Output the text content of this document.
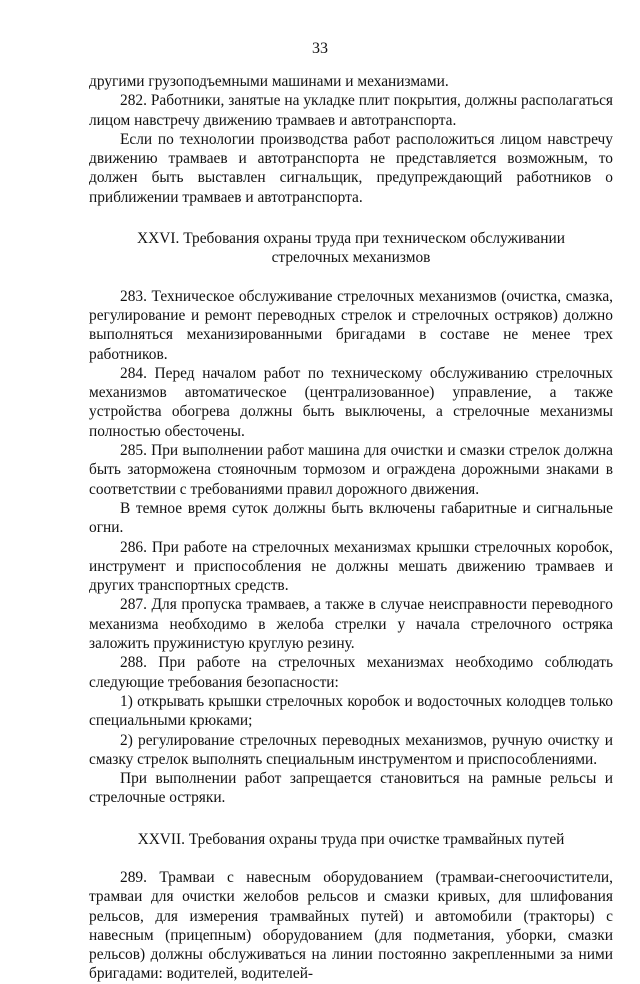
33

другими грузоподъемными машинами и механизмами.

282. Работники, занятые на укладке плит покрытия, должны располагаться лицом навстречу движению трамваев и автотранспорта.

Если по технологии производства работ расположиться лицом навстречу движению трамваев и автотранспорта не представляется возможным, то должен быть выставлен сигнальщик, предупреждающий работников о приближении трамваев и автотранспорта.

XXVI. Требования охраны труда при техническом обслуживании

стрелочных механизмов

283. Техническое обслуживание стрелочных механизмов (очистка, смазка, регулирование и ремонт переводных стрелок и стрелочных остряков) должно выполняться механизированными бригадами в составе не менее трех работников.

284. Перед началом работ по техническому обслуживанию стрелочных механизмов автоматическое (централизованное) управление, а также устройства обогрева должны быть выключены, а стрелочные механизмы полностью обесточены.

285. При выполнении работ машина для очистки и смазки стрелок должна быть заторможена стояночным тормозом и ограждена дорожными знаками в соответствии с требованиями правил дорожного движения.

В темное время суток должны быть включены габаритные и сигнальные огни.

286. При работе на стрелочных механизмах крышки стрелочных коробок, инструмент и приспособления не должны мешать движению трамваев и других транспортных средств.

287. Для пропуска трамваев, а также в случае неисправности переводного механизма необходимо в желоба стрелки у начала стрелочного остряка заложить пружинистую круглую резину.

288. При работе на стрелочных механизмах необходимо соблюдать следующие требования безопасности:

1) открывать крышки стрелочных коробок и водосточных колодцев только специальными крюками;

2) регулирование стрелочных переводных механизмов, ручную очистку и смазку стрелок выполнять специальным инструментом и приспособлениями.

При выполнении работ запрещается становиться на рамные рельсы и стрелочные остряки.

XXVII. Требования охраны труда при очистке трамвайных путей

289. Трамваи с навесным оборудованием (трамваи-снегоочистители, трамваи для очистки желобов рельсов и смазки кривых, для шлифования рельсов, для измерения трамвайных путей) и автомобили (тракторы) с навесным (прицепным) оборудованием (для подметания, уборки, смазки рельсов) должны обслуживаться на линии постоянно закрепленными за ними бригадами: водителей, водителей-
